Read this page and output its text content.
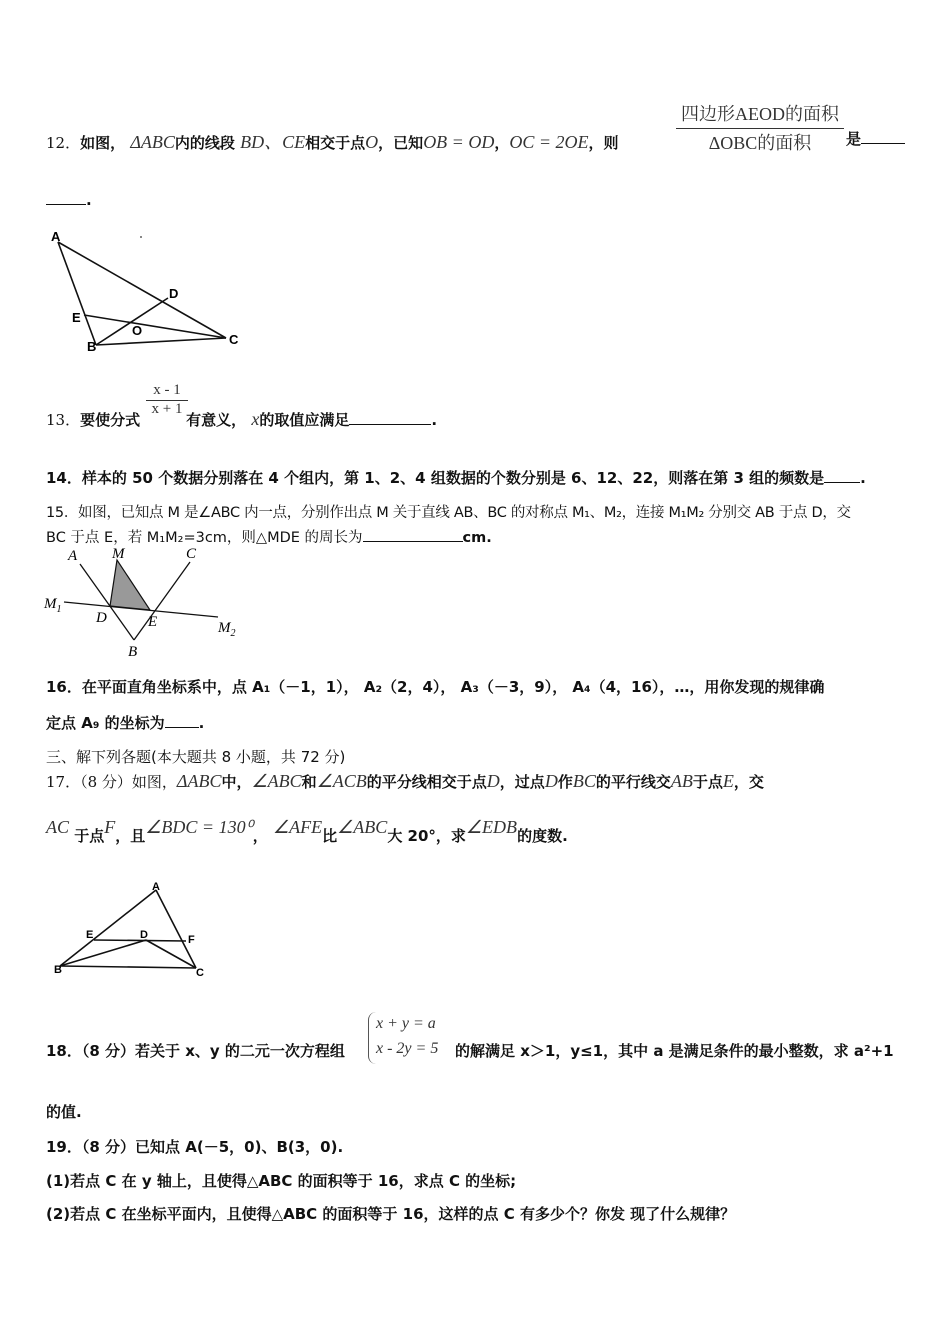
12．如图， ΔABC内的线段 BD、CE相交于点O，已知OB = OD，OC = 2OE，则
四边形AEOD的面积
ΔOBC的面积	是
.
A
D
E
O
C
B
$\frac{x - 1}{x + 1}$
13．要使分式	有意义， x的取值应满足	.
14．样本的 50 个数据分别落在 4 个组内，第 1、2、4 组数据的个数分别是 6、12、22，则落在第 3 组的频数是 .
15．如图，已知点 M 是∠ABC 内一点，分别作出点 M 关于直线 AB、BC 的对称点 M₁、M₂，连接 M₁M₂ 分别交 AB 于点 D，交
BC 于点 E，若 M₁M₂=3cm，则△MDE 的周长为	cm.
A M	C
$M_1$
D	E	$M_2$
B
16．在平面直角坐标系中，点 A₁（－1，1）， A₂（2，4）， A₃（－3，9）， A₄（4，16），…，用你发现的规律确
定点 A₉ 的坐标为 .
三、解下列各题(本大题共 8 小题，共 72 分)
17．（8 分）如图，ΔABC中，∠ABC和∠ACB的平分线相交于点D，过点D作BC的平行线交AB于点E，交
AC 于点F，且∠BDC = 130⁰， ∠AFE比∠ABC大 20°，求∠EDB的度数.
A
E	D	F
B	C
x + y = a
x - 2y = 5
18．（8 分）若关于 x、y 的二元一次方程组	的解满足 x＞1，y≤1，其中 a 是满足条件的最小整数，求 a²+1
的值.
19．（8 分）已知点 A(－5，0)、B(3，0).
(1)若点 C 在 y 轴上，且使得△ABC 的面积等于 16，求点 C 的坐标;
(2)若点 C 在坐标平面内，且使得△ABC 的面积等于 16，这样的点 C 有多少个？你发 现了什么规律？
